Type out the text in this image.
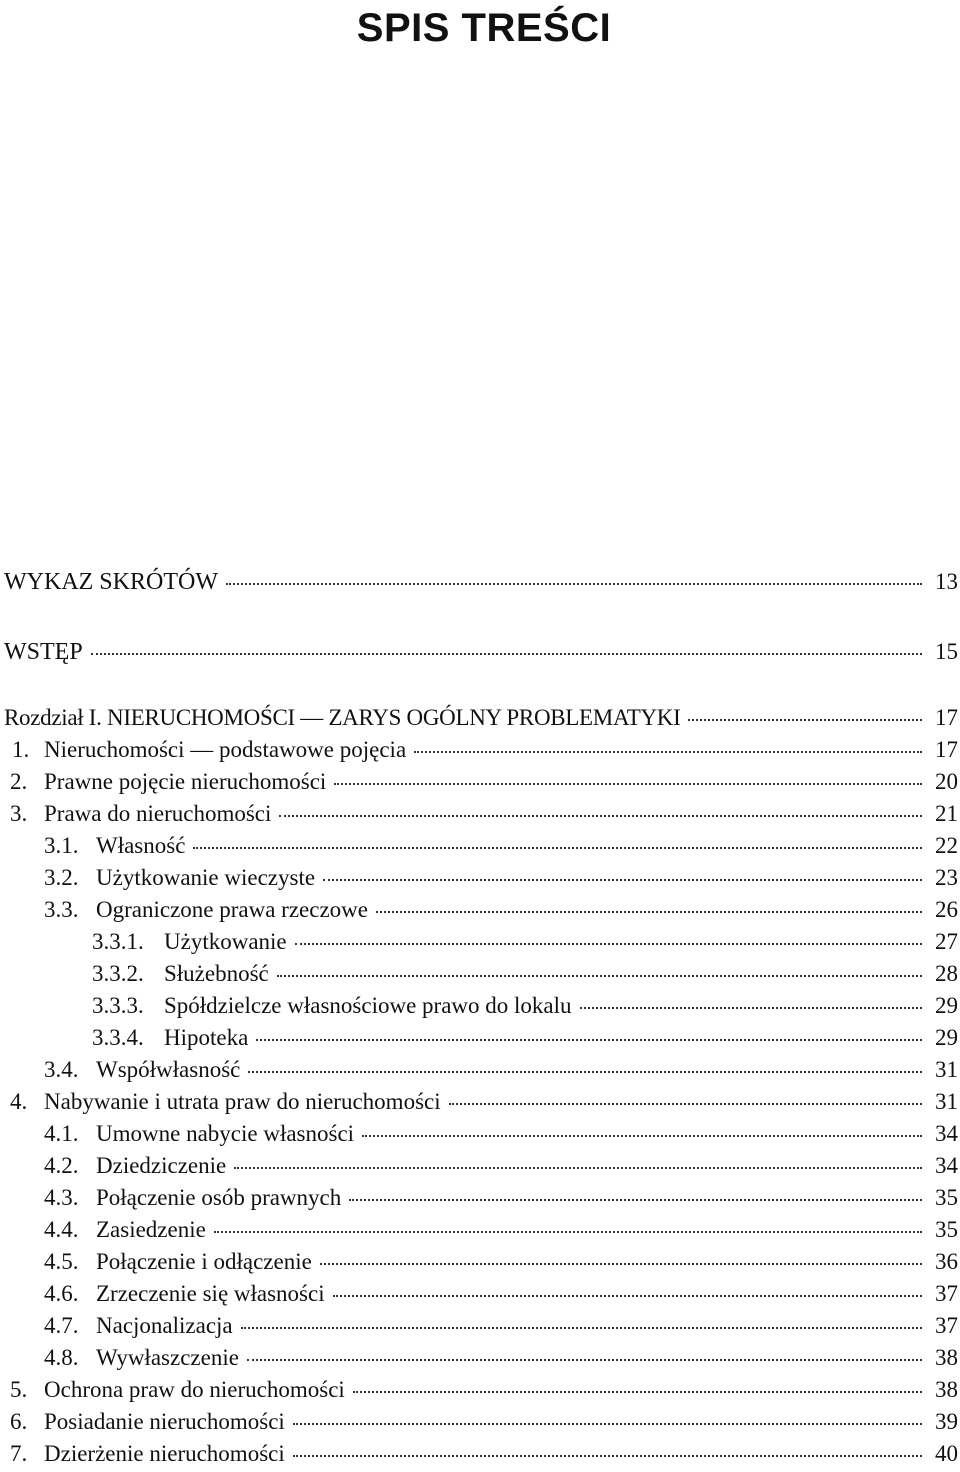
SPIS TREŚCI
WYKAZ SKRÓTÓW	13
WSTĘP	15
Rozdział I. NIERUCHOMOŚCI — ZARYS OGÓLNY PROBLEMATYKI	17
1. Nieruchomości — podstawowe pojęcia	17
2. Prawne pojęcie nieruchomości	20
3. Prawa do nieruchomości	21
3.1. Własność	22
3.2. Użytkowanie wieczyste	23
3.3. Ograniczone prawa rzeczowe	26
3.3.1. Użytkowanie	27
3.3.2. Służebność	28
3.3.3. Spółdzielcze własnościowe prawo do lokalu	29
3.3.4. Hipoteka	29
3.4. Współwłasność	31
4. Nabywanie i utrata praw do nieruchomości	31
4.1. Umowne nabycie własności	34
4.2. Dziedziczenie	34
4.3. Połączenie osób prawnych	35
4.4. Zasiedzenie	35
4.5. Połączenie i odłączenie	36
4.6. Zrzeczenie się własności	37
4.7. Nacjonalizacja	37
4.8. Wywłaszczenie	38
5. Ochrona praw do nieruchomości	38
6. Posiadanie nieruchomości	39
7. Dzierżenie nieruchomości	40
